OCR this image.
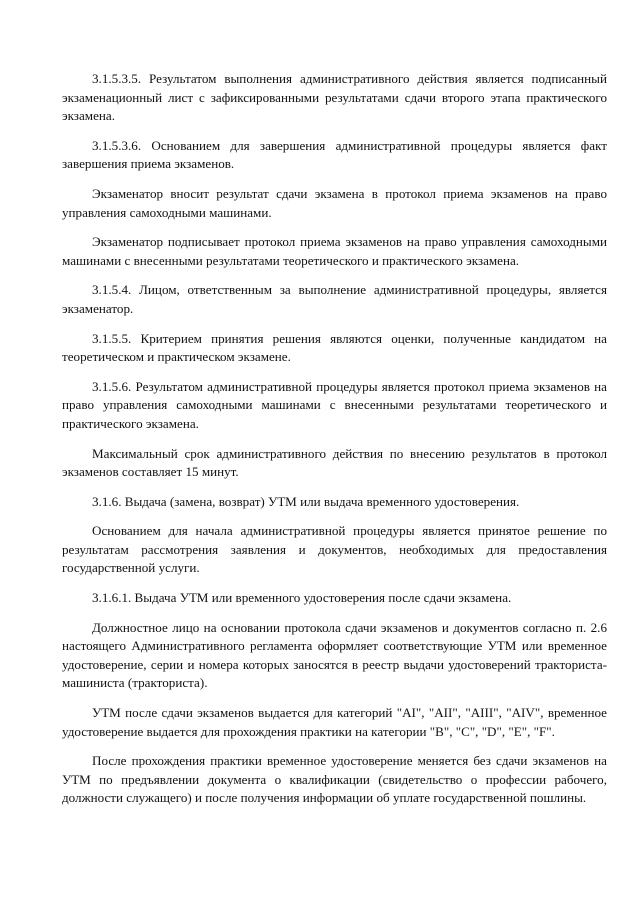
3.1.5.3.5. Результатом выполнения административного действия является подписанный экзаменационный лист с зафиксированными результатами сдачи второго этапа практического экзамена.

3.1.5.3.6. Основанием для завершения административной процедуры является факт завершения приема экзаменов.

Экзаменатор вносит результат сдачи экзамена в протокол приема экзаменов на право управления самоходными машинами.

Экзаменатор подписывает протокол приема экзаменов на право управления самоходными машинами с внесенными результатами теоретического и практического экзамена.

3.1.5.4. Лицом, ответственным за выполнение административной процедуры, является экзаменатор.

3.1.5.5. Критерием принятия решения являются оценки, полученные кандидатом на теоретическом и практическом экзамене.

3.1.5.6. Результатом административной процедуры является протокол приема экзаменов на право управления самоходными машинами с внесенными результатами теоретического и практического экзамена.

Максимальный срок административного действия по внесению результатов в протокол экзаменов составляет 15 минут.

3.1.6. Выдача (замена, возврат) УТМ или выдача временного удостоверения.

Основанием для начала административной процедуры является принятое решение по результатам рассмотрения заявления и документов, необходимых для предоставления государственной услуги.

3.1.6.1. Выдача УТМ или временного удостоверения после сдачи экзамена.

Должностное лицо на основании протокола сдачи экзаменов и документов согласно п. 2.6 настоящего Административного регламента оформляет соответствующие УТМ или временное удостоверение, серии и номера которых заносятся в реестр выдачи удостоверений тракториста-машиниста (тракториста).

УТМ после сдачи экзаменов выдается для категорий "AI", "AII", "AIII", "AIV", временное удостоверение выдается для прохождения практики на категории "B", "C", "D", "E", "F".

После прохождения практики временное удостоверение меняется без сдачи экзаменов на УТМ по предъявлении документа о квалификации (свидетельство о профессии рабочего, должности служащего) и после получения информации об уплате государственной пошлины.
